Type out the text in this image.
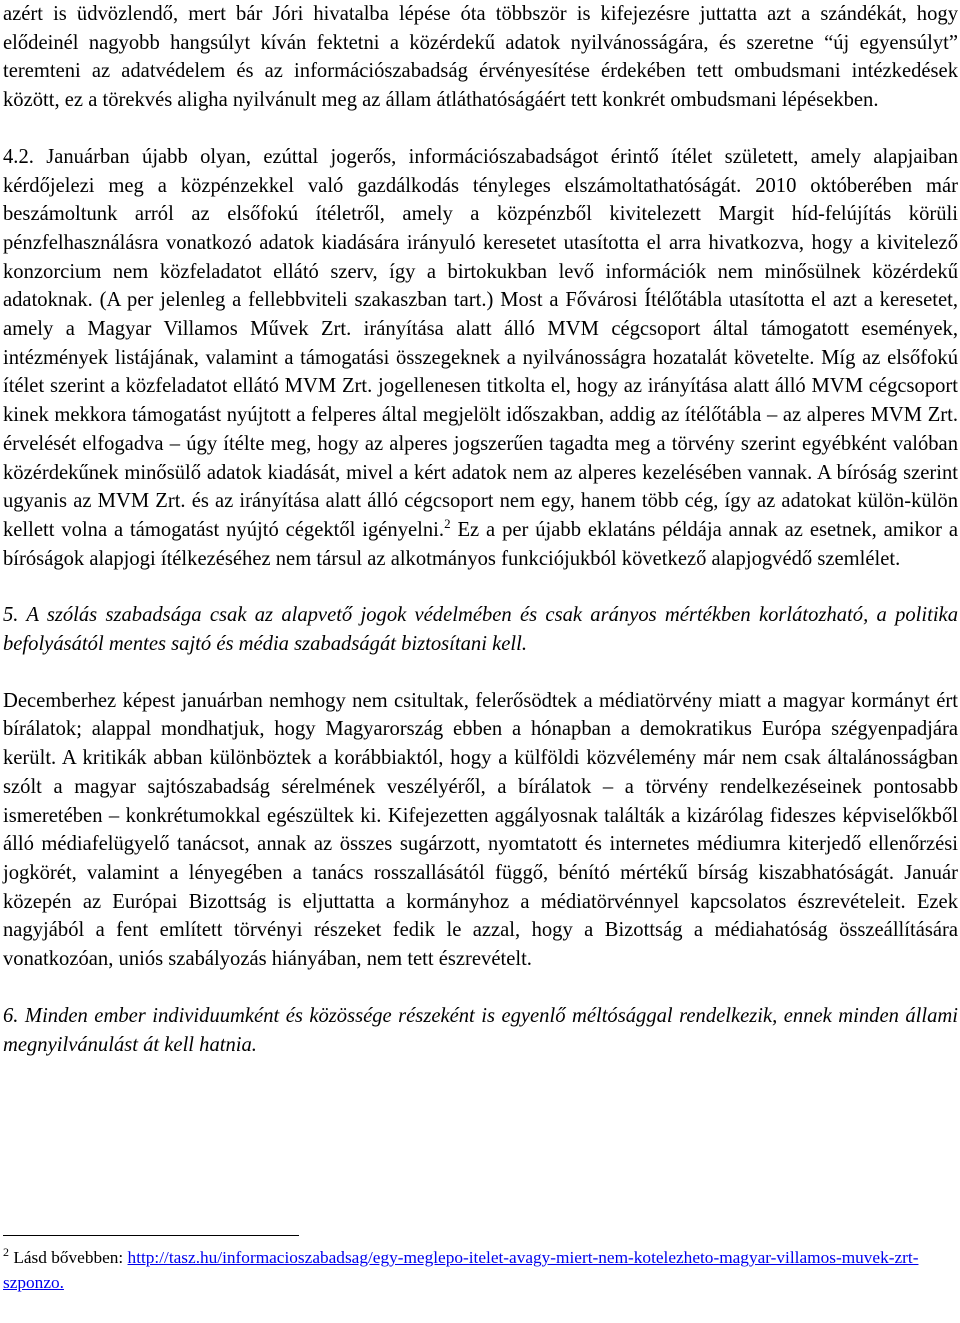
azért is üdvözlendő, mert bár Jóri hivatalba lépése óta többször is kifejezésre juttatta azt a szándékát, hogy elődeinél nagyobb hangsúlyt kíván fektetni a közérdekű adatok nyilvánosságára, és szeretne “új egyensúlyt” teremteni az adatvédelem és az információszabadság érvényesítése érdekében tett ombudsmani intézkedések között, ez a törekvés aligha nyilvánult meg az állam átláthatóságáért tett konkrét ombudsmani lépésekben.

4.2. Januárban újabb olyan, ezúttal jogerős, információszabadságot érintő ítélet született, amely alapjaiban kérdőjelezi meg a közpénzekkel való gazdálkodás tényleges elszámoltathatóságát. 2010 októberében már beszámoltunk arról az elsőfokú ítéletről, amely a közpénzből kivitelezett Margit híd-felújítás körüli pénzfelhasználásra vonatkozó adatok kiadására irányuló keresetet utasította el arra hivatkozva, hogy a kivitelező konzorcium nem közfeladatot ellátó szerv, így a birtokukban levő információk nem minősülnek közérdekű adatoknak. (A per jelenleg a fellebbviteli szakaszban tart.) Most a Fővárosi Ítélőtábla utasította el azt a keresetet, amely a Magyar Villamos Művek Zrt. irányítása alatt álló MVM cégcsoport által támogatott események, intézmények listájának, valamint a támogatási összegeknek a nyilvánosságra hozatalát követelte. Míg az elsőfokú ítélet szerint a közfeladatot ellátó MVM Zrt. jogellenesen titkolta el, hogy az irányítása alatt álló MVM cégcsoport kinek mekkora támogatást nyújtott a felperes által megjelölt időszakban, addig az ítélőtábla – az alperes MVM Zrt. érvelését elfogadva – úgy ítélte meg, hogy az alperes jogszerűen tagadta meg a törvény szerint egyébként valóban közérdekűnek minősülő adatok kiadását, mivel a kért adatok nem az alperes kezelésében vannak. A bíróság szerint ugyanis az MVM Zrt. és az irányítása alatt álló cégcsoport nem egy, hanem több cég, így az adatokat külön-külön kellett volna a támogatást nyújtó cégektől igényelni.$^2$ Ez a per újabb eklatáns példája annak az esetnek, amikor a bíróságok alapjogi ítélkezéséhez nem társul az alkotmányos funkciójukból következő alapjogvédő szemlélet.

5. A szólás szabadsága csak az alapvető jogok védelmében és csak arányos mértékben korlátozható, a politika befolyásától mentes sajtó és média szabadságát biztosítani kell.

Decemberhez képest januárban nemhogy nem csitultak, felerősödtek a médiatörvény miatt a magyar kormányt ért bírálatok; alappal mondhatjuk, hogy Magyarország ebben a hónapban a demokratikus Európa szégyenpadjára került. A kritikák abban különböztek a korábbiaktól, hogy a külföldi közvélemény már nem csak általánosságban szólt a magyar sajtószabadság sérelmének veszélyéről, a bírálatok – a törvény rendelkezéseinek pontosabb ismeretében – konkrétumokkal egészültek ki. Kifejezetten aggályosnak találták a kizárólag fideszes képviselőkből álló médiafelügyelő tanácsot, annak az összes sugárzott, nyomtatott és internetes médiumra kiterjedő ellenőrzési jogkörét, valamint a lényegében a tanács rosszallásától függő, bénító mértékű bírság kiszabhatóságát. Január közepén az Európai Bizottság is eljuttatta a kormányhoz a médiatörvénnyel kapcsolatos észrevételeit. Ezek nagyjából a fent említett törvényi részeket fedik le azzal, hogy a Bizottság a médiahatóság összeállítására vonatkozóan, uniós szabályozás hiányában, nem tett észrevételt.

6. Minden ember individuumként és közössége részeként is egyenlő méltósággal rendelkezik, ennek minden állami megnyilvánulást át kell hatnia.

$^2$ Lásd bővebben: http://tasz.hu/informacioszabadsag/egy-meglepo-itelet-avagy-miert-nem-kotelezheto-magyar-villamos-muvek-zrt-szponzo.
